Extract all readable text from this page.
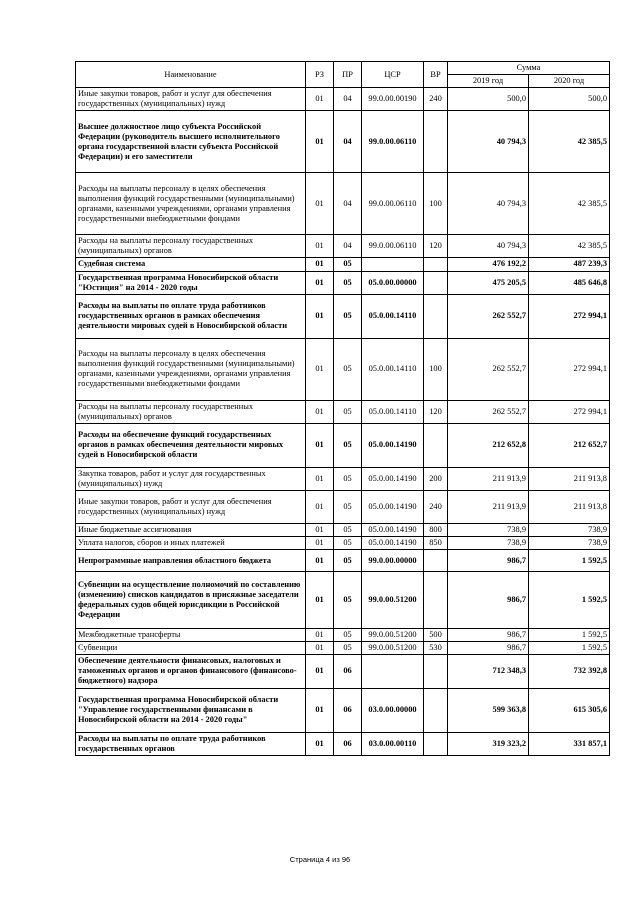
Наименование	РЗ	ПР	ЦСР	ВР	Сумма	
					2019 год	2020 год
Иные закупки товаров, работ и услуг для обеспечения государственных (муниципальных) нужд	01	04	99.0.00.00190	240	500,0	500,0
Высшее должностное лицо субъекта Российской Федерации (руководитель высшего исполнительного органа государственной власти субъекта Российской Федерации) и его заместители	01	04	99.0.00.06110		40 794,3	42 385,5
Расходы на выплаты персоналу в целях обеспечения выполнения функций государственными (муниципальными) органами, казенными учреждениями, органами управления государственными внебюджетными фондами	01	04	99.0.00.06110	100	40 794,3	42 385,5
Расходы на выплаты персоналу государственных (муниципальных) органов	01	04	99.0.00.06110	120	40 794,3	42 385,5
Судебная система	01	05			476 192,2	487 239,3
Государственная программа Новосибирской области "Юстиция" на 2014 - 2020 годы	01	05	05.0.00.00000		475 205,5	485 646,8
Расходы на выплаты по оплате труда работников государственных органов в рамках обеспечения деятельности мировых судей в Новосибирской области	01	05	05.0.00.14110		262 552,7	272 994,1
Расходы на выплаты персоналу в целях обеспечения выполнения функций государственными (муниципальными) органами, казенными учреждениями, органами управления государственными внебюджетными фондами	01	05	05.0.00.14110	100	262 552,7	272 994,1
Расходы на выплаты персоналу государственных (муниципальных) органов	01	05	05.0.00.14110	120	262 552,7	272 994,1
Расходы на обеспечение функций государственных органов в рамках обеспечения деятельности мировых судей в Новосибирской области	01	05	05.0.00.14190		212 652,8	212 652,7
Закупка товаров, работ и услуг для государственных (муниципальных) нужд	01	05	05.0.00.14190	200	211 913,9	211 913,8
Иные закупки товаров, работ и услуг для обеспечения государственных (муниципальных) нужд	01	05	05.0.00.14190	240	211 913,9	211 913,8
Иные бюджетные ассигнования	01	05	05.0.00.14190	800	738,9	738,9
Уплата налогов, сборов и иных платежей	01	05	05.0.00.14190	850	738,9	738,9
Непрограммные направления областного бюджета	01	05	99.0.00.00000		986,7	1 592,5
Субвенции на осуществление полномочий по составлению (изменению) списков кандидатов в присяжные заседатели федеральных судов общей юрисдикции в Российской Федерации	01	05	99.0.00.51200		986,7	1 592,5
Межбюджетные трансферты	01	05	99.0.00.51200	500	986,7	1 592,5
Субвенции	01	05	99.0.00.51200	530	986,7	1 592,5
Обеспечение деятельности финансовых, налоговых и таможенных органов и органов финансового (финансово-бюджетного) надзора	01	06			712 348,3	732 392,8
Государственная программа Новосибирской области "Управление государственными финансами в Новосибирской области на 2014 - 2020 годы"	01	06	03.0.00.00000		599 363,8	615 305,6
Расходы на выплаты по оплате труда работников государственных органов	01	06	03.0.00.00110		319 323,2	331 857,1
Страница 4 из 96
